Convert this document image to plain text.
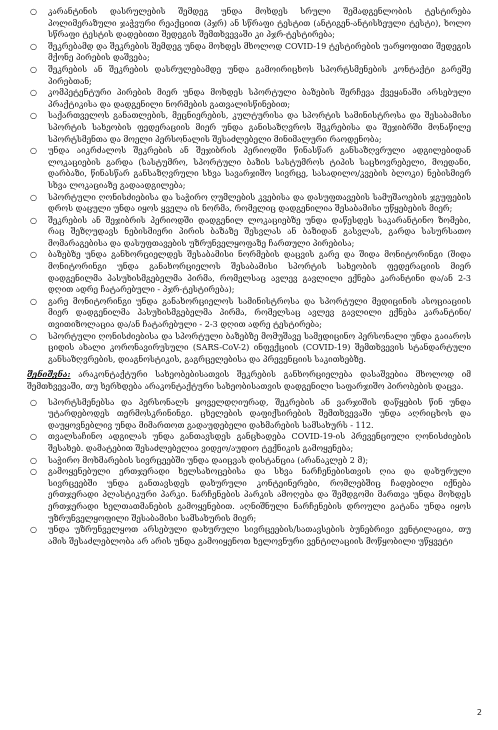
○ კარანტინის დასრულების შემდეგ უნდა მოხდეს სრული შემადგენლობის ტესტირება პოლიმერაზული ჯაჭვური რეაქციით (პჯრ) ან სწრაფი ტესტით (ანტიგენ-ანტისხეული ტესტი), ხოლო სწრაფი ტესტის დადებითი შედეგის შემთხვევაში კი პჯრ-ტესტირება;
○ შეკრებამდ და შეკრების შემდეგ უნდა მოხდეს მხოლოდ COVID-19 ტესტირების უარყოფითი შედეგის მქონე პირების დაშვება;
○ შეკრების ან შეკრების დასრულებამდე უნდა გამოირიცხოს სპორტსმენების კონტაქტი გარეშე პირებთან;
○ კომპეტენტური პირების მიერ უნდა მოხდეს სპორტული ბაზების შერჩევა ქვეყანაში არსებული პრაქტიკისა და დადგენილი ნორმების გათვალისწინებით;
○ საქართველოს განათლების, მეცნიერების, კულტურისა და სპორტის სამინისტროსა და შესაბამისი სპორტის სახეობის ფედერაციის მიერ უნდა განისაზღვროს შეკრებისა და შეჯიბრში მონაწილე სპორტსმენთა და მოელი პერსონალის შესაძლებელი მინიმალური რაოდენობა;
○ უნდა აიკრძალოს შეკრების ან შეჯიბრის პერიოდში წინასწარ განსაზღვრული ადგილებიდან ლოკაციების გარდა (სასტუმრო, სპორტული ბაზის სასტუმროს ტიპის საცხოვრებელი, მოედანი, დარბაზი, წინასწარ განსაზღვრული სხვა სავარჯიშო სივრცე, სასადილო/კვების ბლოკი) ნებისმიერ სხვა ლოკაციაზე გადაადგილება;
○ სპორტული ღონისძიებისა და საჭირო ღუმლების კვებისა და დასუფთავების სამუშაოების ჯგუფების დროს დაცული უნდა იყოს ყველა ის ნორმა, რომელიც დადგენილია შესაბამისი უწყებების მიერ;
○ შეკრების ან შეჯიბრის პერიოდში დადგენილ ლოკაციებზე უნდა დაწესდეს საკარანტინო ზომები, რაც შეზღუდავს ნებისმიერი პირის ბაზაზე შესვლას ან ბაზიდან გასვლას, გარდა სასურსათო მომარაგებისა და დასუფთავების უზრუნველყოფაზე ჩართული პირებისა;
○ ბაზებზე უნდა განხორციელდეს შესაბამისი ნორმების დაცვის გარე და შიდა მონიტორინგი (შიდა მონიტორინგი უნდა განახორციელოს შესაბამისი სპორტის სახეობის ფედერაციის მიერ დადგენილმა პასუხისმგებელმა პირმა, რომელსაც ავლევ გავლილი ექნება კარანტინი და/ან 2-3 დღით ადრე ჩატარებული - პჯრ-ტესტირება);
○ გარე მონიტორინგი უნდა განახორციელოს სამინისტროსა და სპორტული მედიცინის ასოციაციის მიერ დადგენილმა პასუხისმგებელმა პირმა, რომელსაც ავლევ გავლილი ექნება კარანტინი/თვითიზოლაცია და/ან ჩატარებული - 2-3 დღით ადრე ტესტირება;
○ სპორტული ღონისძიებისა და სპორტული ბაზებზე მომუშავე სამედიცინო პერსონალი უნდა გაიაროს ციდის ახალი კორონავირუსული (SARS-CoV-2) ინფექციის (COVID-19) შემთხვევის სტანდარტული განსაზღვრების, დიაგნოსტიკის, გაგრცელებისა და პრევენციის საკითხებზე.

შენიშვნა: არაკონტაქტური სახეობებისათვის შეკრების განხორციელება დასაშვებია მხოლოდ იმ შემთხვევაში, თუ ხერხდება არაკონტაქტური სახეობისათვის დადგენილი საფარჯიშო პირობების დაცვა.

○ სპორტსმენებსა და პერსონალს ყოველდღიურად, შეკრების ან ვარჯიშის დაწყების წინ უნდა უტარდებოდეს თერმოსკრინინგი. ცხელების დაფიქსირების შემთხვევაში უნდა აღრიცხოს და დაუყოვნებლივ უნდა მიმართოთ გადაუდებელი დახმარების სამსახურს - 112.
○ თვალსაჩინო ადგილას უნდა განთავსდეს განცხადება COVID-19-ის პრევენციული ღონისძიების შესახებ. დამატებით შესაძლებელია ვიდეო/აუდიო ტექნიკის გამოყენება;
○ საჭირო მოხმარების სივრცეებში უნდა დაიცვას დისტანცია (არანაკლებ 2 მ);
○ გამოყენებული ერთჯერადი ხელსახოცებისა და სხვა ნარჩენებისთვის ღია და დახურული სივრცეებში უნდა განთავსდეს დახურული კონტეინერები, რომლებშიც ჩადებილი იქნება ერთჯერადი პლასტიკური პარკი. ნარჩენების პარკის ამოღება და შემდგომი მართვა უნდა მოხდეს ერთჯერადი ხელთათმანების გამოყენებით. აღნიშნული ნარჩენების დროული გატანა უნდა იყოს უზრუნველყოფილი შესაბამისი სამსახურის მიერ;
○ უნდა უზრუნველყოთ არსებული დახურული სივრცეების/სათავსების ბუნებრივი ვენტილაცია, თუ ამის შესაძლებლობა არ არის უნდა გამოიყენოთ ხელოვნური ვენტილაციის მოწყობილი უწყვეტი
2
